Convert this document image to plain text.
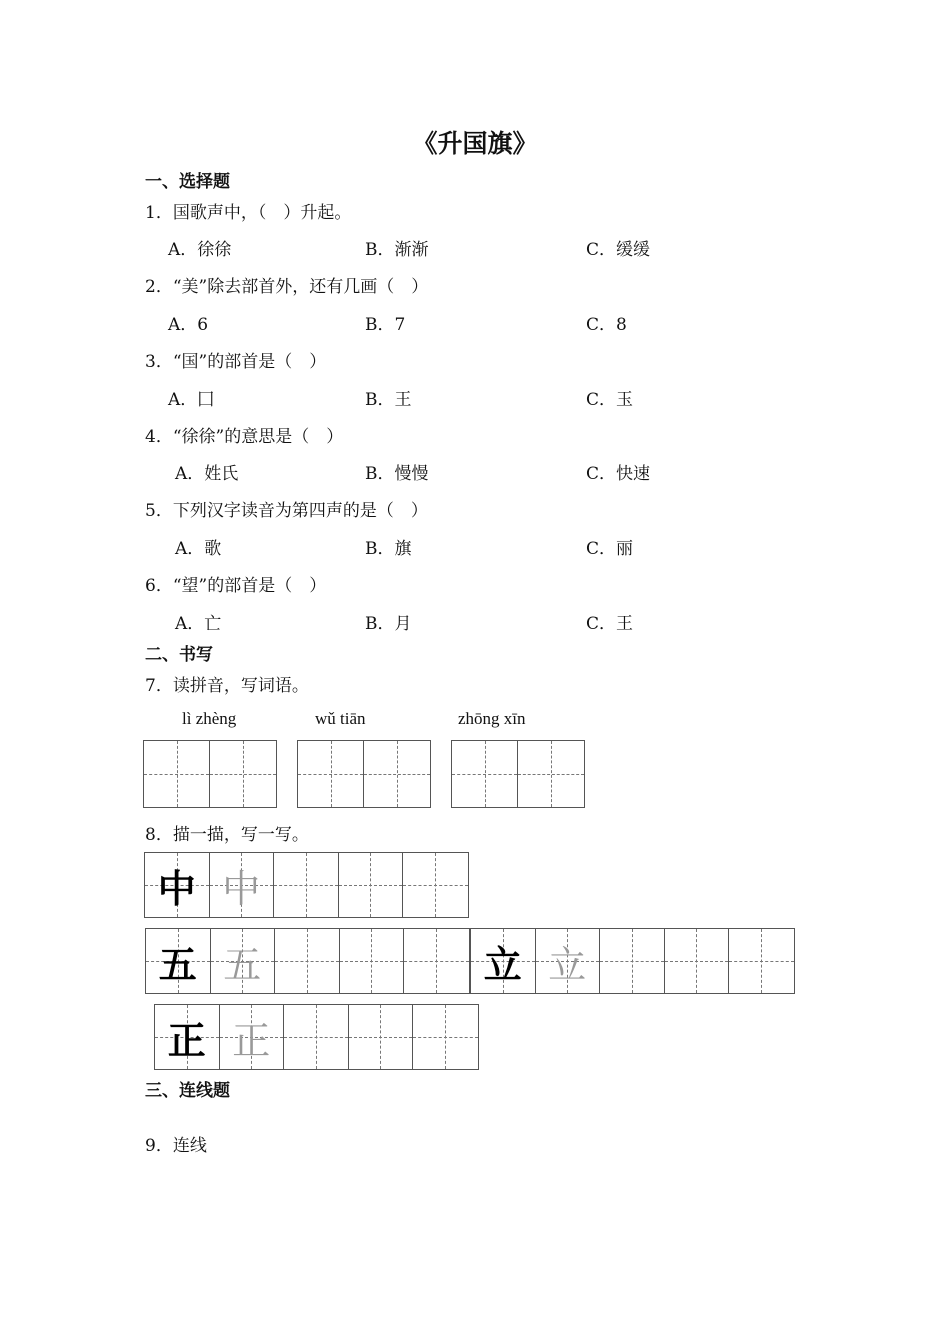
《升国旗》
一、选择题
1．国歌声中，（　）升起。
A．徐徐	B．渐渐	C．缓缓
2．“美”除去部首外，还有几画（　）
A．6	B．7	C．8
3．“国”的部首是（　）
A．囗	B．王	C．玉
4．“徐徐”的意思是（　）
A．姓氏	B．慢慢	C．快速
5．下列汉字读音为第四声的是（　）
A．歌	B．旗	C．丽
6．“望”的部首是（　）
A．亡	B．月	C．王
二、书写
7．读拼音，写词语。
lì zhèng	wǔ tiān	zhōng xīn
8．描一描，写一写。
中 中
五 五	立 立
正 正
三、连线题
9．连线
